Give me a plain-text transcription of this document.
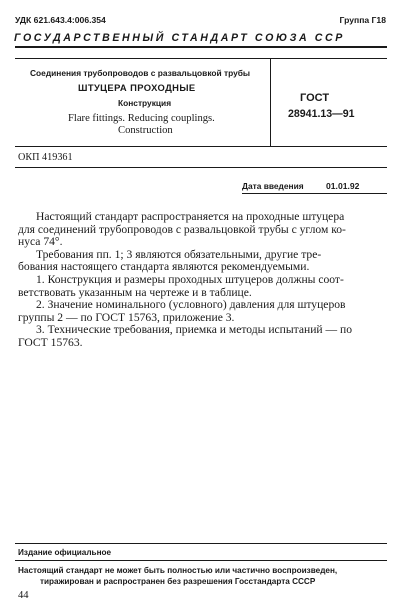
УДК 621.643.4:006.354	Группа Г18
ГОСУДАРСТВЕННЫЙ СТАНДАРТ СОЮЗА ССР
Соединения трубопроводов с развальцовкой трубы
ШТУЦЕРА ПРОХОДНЫЕ
Конструкция
Flare fittings. Reducing couplings.
Construction
ГОСТ
28941.13—91
ОКП 419361
Дата введения	01.01.92

Настоящий стандарт распространяется на проходные штуцера

для соединений трубопроводов с развальцовкой трубы с углом ко-

нуса 74°.

Требования пп. 1; 3 являются обязательными, другие тре-

бования настоящего стандарта являются рекомендуемыми.

1. Конструкция и размеры проходных штуцеров должны соот-

ветствовать указанным на чертеже и в таблице.

2. Значение номинального (условного) давления для штуцеров

группы 2 — по ГОСТ 15763, приложение 3.

3. Технические требования, приемка и методы испытаний — по

ГОСТ 15763.

Издание официальное
Настоящий стандарт не может быть полностью или частично воспроизведен,
тиражирован и распространен без разрешения Госстандарта СССР
44
